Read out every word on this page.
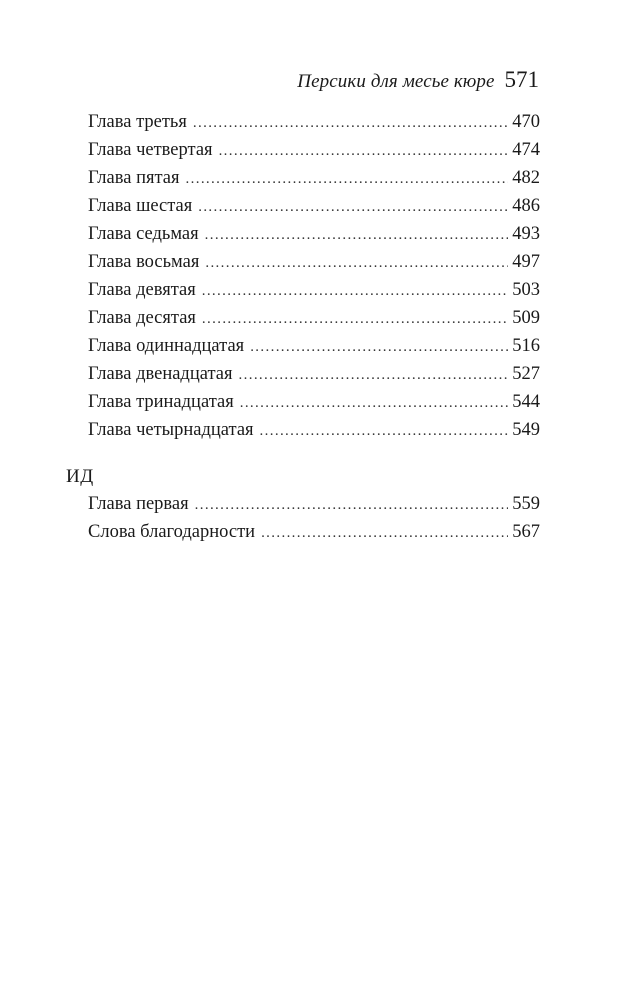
Персики для месье кюре 571
Глава третья . . .	470
Глава четвертая . . .	474
Глава пятая . . .	482
Глава шестая . . .	486
Глава седьмая . . .	493
Глава восьмая . . .	497
Глава девятая . . .	503
Глава десятая . . .	509
Глава одиннадцатая . . .	516
Глава двенадцатая . . .	527
Глава тринадцатая . . .	544
Глава четырнадцатая . . .	549
ИД
Глава первая . . .	559
Слова благодарности . . .	567
